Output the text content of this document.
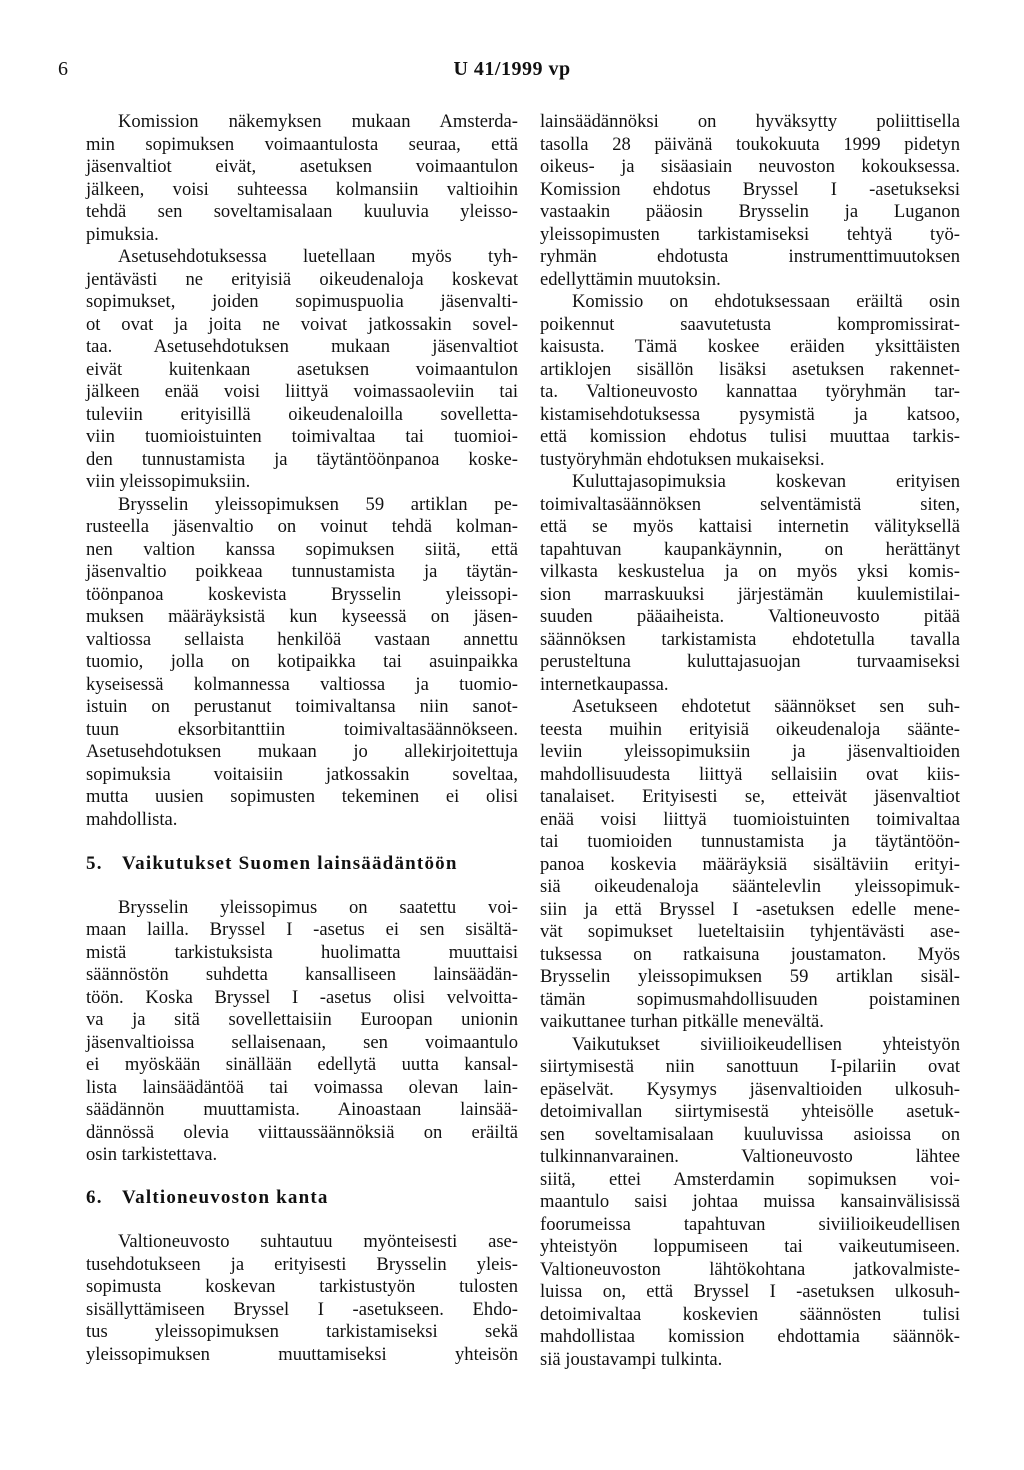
6	U 41/1999 vp
Komission näkemyksen mukaan Amsterda-
min sopimuksen voimaantulosta seuraa, että
jäsenvaltiot eivät, asetuksen voimaantulon
jälkeen, voisi suhteessa kolmansiin valtioihin
tehdä sen soveltamisalaan kuuluvia yleisso-
pimuksia.
Asetusehdotuksessa luetellaan myös tyh-
jentävästi ne erityisiä oikeudenaloja koskevat
sopimukset, joiden sopimuspuolia jäsenvalti-
ot ovat ja joita ne voivat jatkossakin sovel-
taa. Asetusehdotuksen mukaan jäsenvaltiot
eivät kuitenkaan asetuksen voimaantulon
jälkeen enää voisi liittyä voimassaoleviin tai
tuleviin erityisillä oikeudenaloilla sovelletta-
viin tuomioistuinten toimivaltaa tai tuomioi-
den tunnustamista ja täytäntöönpanoa koske-
viin yleissopimuksiin.
Brysselin yleissopimuksen 59 artiklan pe-
rusteella jäsenvaltio on voinut tehdä kolman-
nen valtion kanssa sopimuksen siitä, että
jäsenvaltio poikkeaa tunnustamista ja täytän-
töönpanoa koskevista Brysselin yleissopi-
muksen määräyksistä kun kyseessä on jäsen-
valtiossa sellaista henkilöä vastaan annettu
tuomio, jolla on kotipaikka tai asuinpaikka
kyseisessä kolmannessa valtiossa ja tuomio-
istuin on perustanut toimivaltansa niin sanot-
tuun eksorbitanttiin toimivaltasäännökseen.
Asetusehdotuksen mukaan jo allekirjoitettuja
sopimuksia voitaisiin jatkossakin soveltaa,
mutta uusien sopimusten tekeminen ei olisi
mahdollista.
5.	Vaikutukset Suomen lainsäädäntöön
Brysselin yleissopimus on saatettu voi-
maan lailla. Bryssel I -asetus ei sen sisältä-
mistä tarkistuksista huolimatta muuttaisi
säännöstön suhdetta kansalliseen lainsäädän-
töön. Koska Bryssel I -asetus olisi velvoitta-
va ja sitä sovellettaisiin Euroopan unionin
jäsenvaltioissa sellaisenaan, sen voimaantulo
ei myöskään sinällään edellytä uutta kansal-
lista lainsäädäntöä tai voimassa olevan lain-
säädännön muuttamista. Ainoastaan lainsää-
dännössä olevia viittaussäännöksiä on eräiltä
osin tarkistettava.
6.	Valtioneuvoston kanta
Valtioneuvosto suhtautuu myönteisesti ase-
tusehdotukseen ja erityisesti Brysselin yleis-
sopimusta koskevan tarkistustyön tulosten
sisällyttämiseen Bryssel I -asetukseen. Ehdo-
tus yleissopimuksen tarkistamiseksi sekä
yleissopimuksen muuttamiseksi yhteisön
lainsäädännöksi on hyväksytty poliittisella
tasolla 28 päivänä toukokuuta 1999 pidetyn
oikeus- ja sisäasiain neuvoston kokouksessa.
Komission ehdotus Bryssel I -asetukseksi
vastaakin pääosin Brysselin ja Luganon
yleissopimusten tarkistamiseksi tehtyä työ-
ryhmän ehdotusta instrumenttimuutoksen
edellyttämin muutoksin.
Komissio on ehdotuksessaan eräiltä osin
poikennut saavutetusta kompromissirat-
kaisusta. Tämä koskee eräiden yksittäisten
artiklojen sisällön lisäksi asetuksen rakennet-
ta. Valtioneuvosto kannattaa työryhmän tar-
kistamisehdotuksessa pysymistä ja katsoo,
että komission ehdotus tulisi muuttaa tarkis-
tustyöryhmän ehdotuksen mukaiseksi.
Kuluttajasopimuksia koskevan erityisen
toimivaltasäännöksen selventämistä siten,
että se myös kattaisi internetin välityksellä
tapahtuvan kaupankäynnin, on herättänyt
vilkasta keskustelua ja on myös yksi komis-
sion marraskuuksi järjestämän kuulemistilai-
suuden pääaiheista. Valtioneuvosto pitää
säännöksen tarkistamista ehdotetulla tavalla
perusteltuna kuluttajasuojan turvaamiseksi
internetkaupassa.
Asetukseen ehdotetut säännökset sen suh-
teesta muihin erityisiä oikeudenaloja säänte-
leviin yleissopimuksiin ja jäsenvaltioiden
mahdollisuudesta liittyä sellaisiin ovat kiis-
tanalaiset. Erityisesti se, etteivät jäsenvaltiot
enää voisi liittyä tuomioistuinten toimivaltaa
tai tuomioiden tunnustamista ja täytäntöön-
panoa koskevia määräyksiä sisältäviin erityi-
siä oikeudenaloja sääntelevlin yleissopimuk-
siin ja että Bryssel I -asetuksen edelle mene-
vät sopimukset lueteltaisiin tyhjentävästi ase-
tuksessa on ratkaisuna joustamaton. Myös
Brysselin yleissopimuksen 59 artiklan sisäl-
tämän sopimusmahdollisuuden poistaminen
vaikuttanee turhan pitkälle menevältä.
Vaikutukset siviilioikeudellisen yhteistyön
siirtymisestä niin sanottuun I-pilariin ovat
epäselvät. Kysymys jäsenvaltioiden ulkosuh-
detoimivallan siirtymisestä yhteisölle asetuk-
sen soveltamisalaan kuuluvissa asioissa on
tulkinnanvarainen. Valtioneuvosto lähtee
siitä, ettei Amsterdamin sopimuksen voi-
maantulo saisi johtaa muissa kansainvälisissä
foorumeissa tapahtuvan siviilioikeudellisen
yhteistyön loppumiseen tai vaikeutumiseen.
Valtioneuvoston lähtökohtana jatkovalmiste-
luissa on, että Bryssel I -asetuksen ulkosuh-
detoimivaltaa koskevien säännösten tulisi
mahdollistaa komission ehdottamia säännök-
siä joustavampi tulkinta.
